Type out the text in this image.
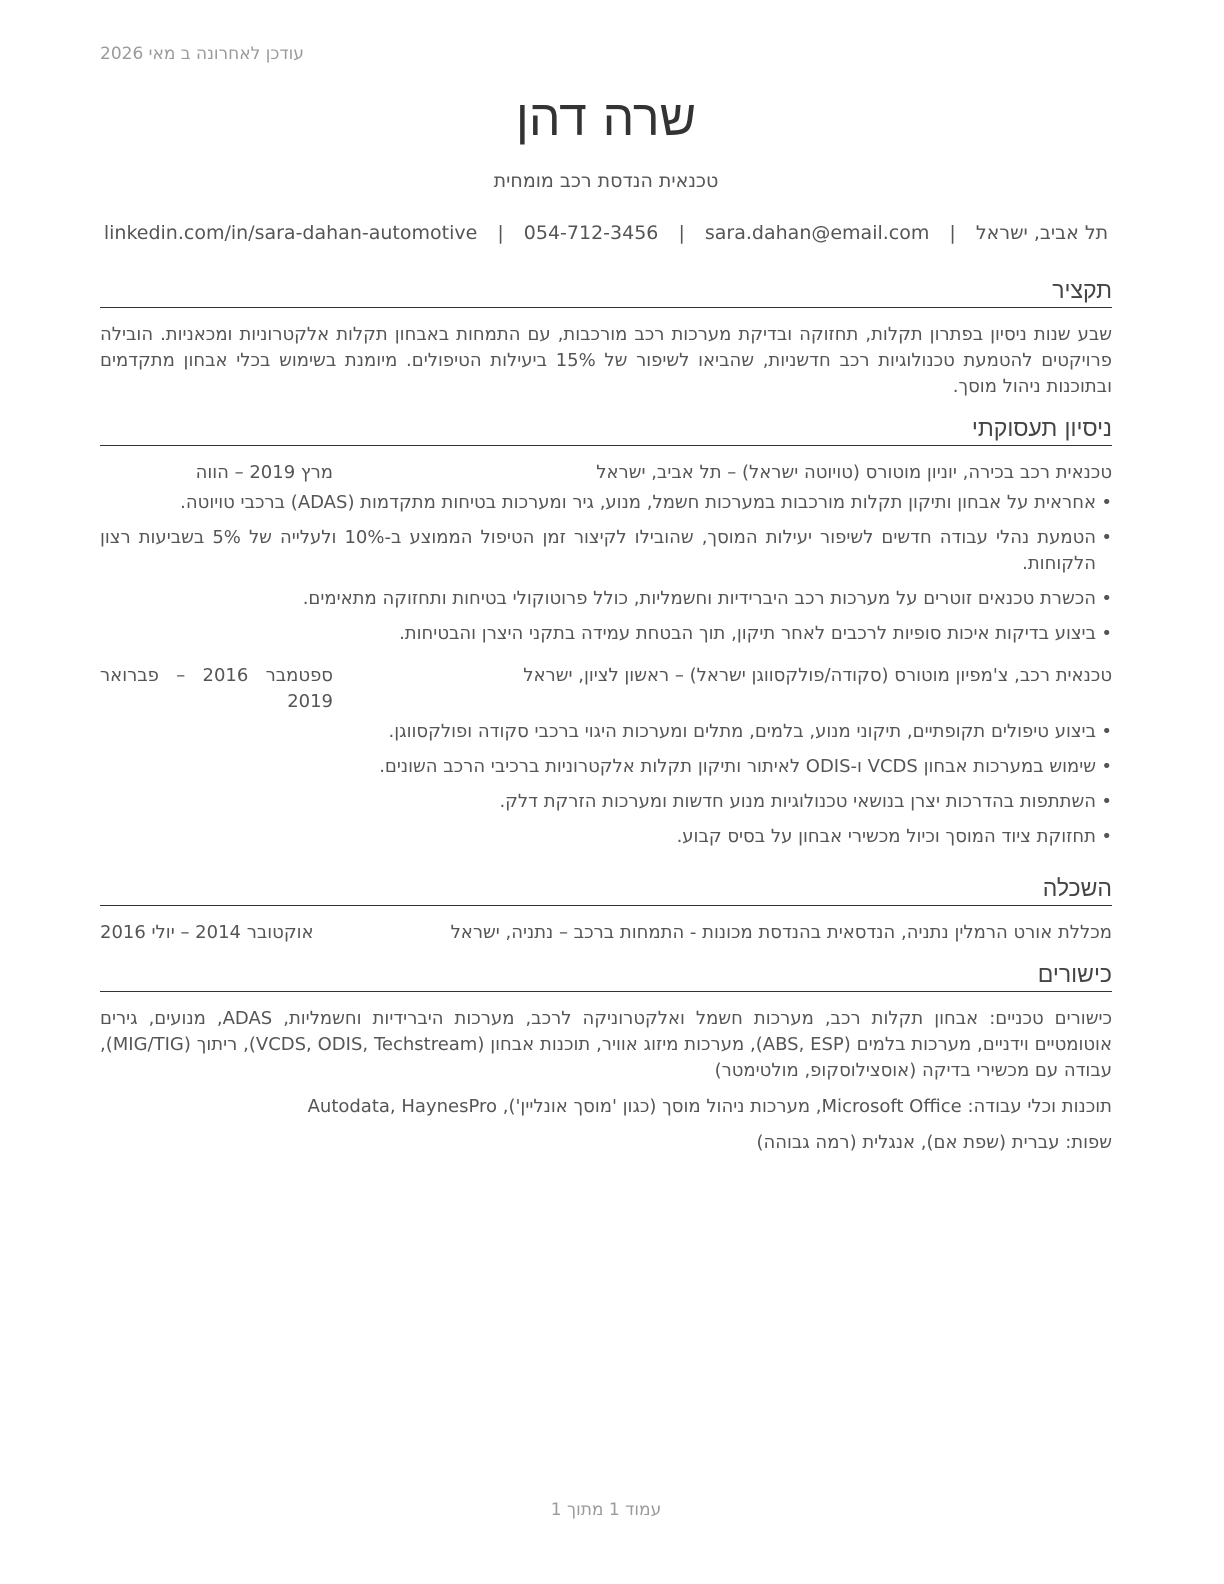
עודכן לאחרונה ב מאי 2026
שרה דהן
טכנאית הנדסת רכב מומחית
תל אביב, ישראל | sara.dahan@email.com | 054-712-3456 | linkedin.com/in/sara-dahan-automotive
תקציר
שבע שנות ניסיון בפתרון תקלות, תחזוקה ובדיקת מערכות רכב מורכבות, עם התמחות באבחון תקלות אלקטרוניות ומכאניות. הובילה פרויקטים להטמעת טכנולוגיות רכב חדשניות, שהביאו לשיפור של 15% ביעילות הטיפולים. מיומנת בשימוש בכלי אבחון מתקדמים ובתוכנות ניהול מוסך.
ניסיון תעסוקתי
טכנאית רכב בכירה, יוניון מוטורס (טויוטה ישראל) – תל אביב, ישראל
מרץ 2019 – הווה
• אחראית על אבחון ותיקון תקלות מורכבות במערכות חשמל, מנוע, גיר ומערכות בטיחות מתקדמות (ADAS) ברכבי טויוטה.
• הטמעת נהלי עבודה חדשים לשיפור יעילות המוסך, שהובילו לקיצור זמן הטיפול הממוצע ב-10% ולעלייה של 5% בשביעות רצון הלקוחות.
• הכשרת טכנאים זוטרים על מערכות רכב היברידיות וחשמליות, כולל פרוטוקולי בטיחות ותחזוקה מתאימים.
• ביצוע בדיקות איכות סופיות לרכבים לאחר תיקון, תוך הבטחת עמידה בתקני היצרן והבטיחות.
טכנאית רכב, צ'מפיון מוטורס (סקודה/פולקסווגן ישראל) – ראשון לציון, ישראל
ספטמבר 2016 – פברואר 2019
• ביצוע טיפולים תקופתיים, תיקוני מנוע, בלמים, מתלים ומערכות היגוי ברכבי סקודה ופולקסווגן.
• שימוש במערכות אבחון VCDS ו-ODIS לאיתור ותיקון תקלות אלקטרוניות ברכיבי הרכב השונים.
• השתתפות בהדרכות יצרן בנושאי טכנולוגיות מנוע חדשות ומערכות הזרקת דלק.
• תחזוקת ציוד המוסך וכיול מכשירי אבחון על בסיס קבוע.
השכלה
מכללת אורט הרמלין נתניה, הנדסאית בהנדסת מכונות - התמחות ברכב – נתניה, ישראל
אוקטובר 2014 – יולי 2016
כישורים
כישורים טכניים: אבחון תקלות רכב, מערכות חשמל ואלקטרוניקה לרכב, מערכות היברידיות וחשמליות, ADAS, מנועים, גירים אוטומטיים וידניים, מערכות בלמים (ABS, ESP), מערכות מיזוג אוויר, תוכנות אבחון (VCDS, ODIS, Techstream), ריתוך (MIG/TIG), עבודה עם מכשירי בדיקה (אוסצילוסקופ, מולטימטר)
תוכנות וכלי עבודה: Microsoft Office, מערכות ניהול מוסך (כגון 'מוסך אונליין'), Autodata, HaynesPro
שפות: עברית (שפת אם), אנגלית (רמה גבוהה)
עמוד 1 מתוך 1
